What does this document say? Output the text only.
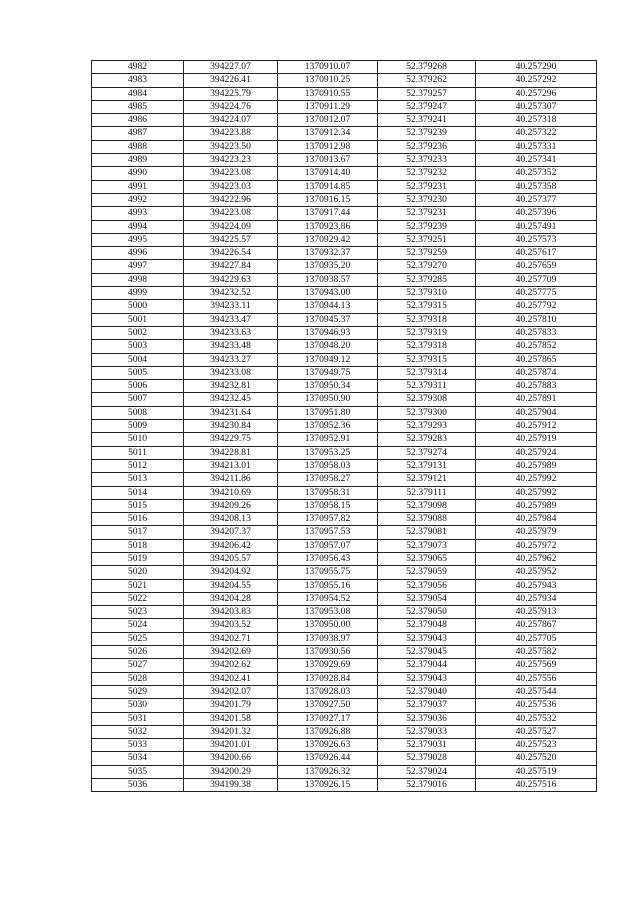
4982	394227.07	1370910.07	52.379268	40.257290
4983	394226.41	1370910.25	52.379262	40.257292
4984	394225.79	1370910.55	52.379257	40.257296
4985	394224.76	1370911.29	52.379247	40.257307
4986	394224.07	1370912.07	52.379241	40.257318
4987	394223.88	1370912.34	52.379239	40.257322
4988	394223.50	1370912.98	52.379236	40.257331
4989	394223.23	1370913.67	52.379233	40.257341
4990	394223.08	1370914.40	52.379232	40.257352
4991	394223.03	1370914.85	52.379231	40.257358
4992	394222.96	1370916.15	52.379230	40.257377
4993	394223.08	1370917.44	52.379231	40.257396
4994	394224.09	1370923.86	52.379239	40.257491
4995	394225.57	1370929.42	52.379251	40.257573
4996	394226.54	1370932.37	52.379259	40.257617
4997	394227.84	1370935.20	52.379270	40.257659
4998	394229.63	1370938.57	52.379285	40.257709
4999	394232.52	1370943.00	52.379310	40.257775
5000	394233.11	1370944.13	52.379315	40.257792
5001	394233.47	1370945.37	52.379318	40.257810
5002	394233.63	1370946.93	52.379319	40.257833
5003	394233.48	1370948.20	52.379318	40.257852
5004	394233.27	1370949.12	52.379315	40.257865
5005	394233.08	1370949.75	52.379314	40.257874
5006	394232.81	1370950.34	52.379311	40.257883
5007	394232.45	1370950.90	52.379308	40.257891
5008	394231.64	1370951.80	52.379300	40.257904
5009	394230.84	1370952.36	52.379293	40.257912
5010	394229.75	1370952.91	52.379283	40.257919
5011	394228.81	1370953.25	52.379274	40.257924
5012	394213.01	1370958.03	52.379131	40.257989
5013	394211.86	1370958.27	52.379121	40.257992
5014	394210.69	1370958.31	52.379111	40.257992
5015	394209.26	1370958.15	52.379098	40.257989
5016	394208.13	1370957.82	52.379088	40.257984
5017	394207.37	1370957.53	52.379081	40.257979
5018	394206.42	1370957.07	52.379073	40.257972
5019	394205.57	1370956.43	52.379065	40.257962
5020	394204.92	1370955.75	52.379059	40.257952
5021	394204.55	1370955.16	52.379056	40.257943
5022	394204.28	1370954.52	52.379054	40.257934
5023	394203.83	1370953.08	52.379050	40.257913
5024	394203.52	1370950.00	52.379048	40.257867
5025	394202.71	1370938.97	52.379043	40.257705
5026	394202.69	1370930.56	52.379045	40.257582
5027	394202.62	1370929.69	52.379044	40.257569
5028	394202.41	1370928.84	52.379043	40.257556
5029	394202.07	1370928.03	52.379040	40.257544
5030	394201.79	1370927.50	52.379037	40.257536
5031	394201.58	1370927.17	52.379036	40.257532
5032	394201.32	1370926.88	52.379033	40.257527
5033	394201.01	1370926.63	52.379031	40.257523
5034	394200.66	1370926.44	52.379028	40.257520
5035	394200.29	1370926.32	52.379024	40.257519
5036	394199.38	1370926.15	52.379016	40.257516
